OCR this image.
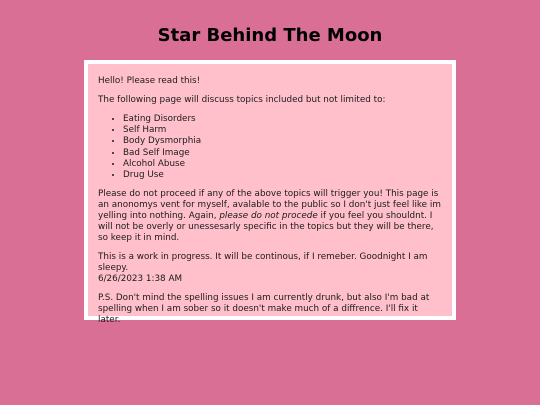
Star Behind The Moon

Hello! Please read this!

The following page will discuss topics included but not limited to:

• Eating Disorders
• Self Harm
• Body Dysmorphia
• Bad Self Image
• Alcohol Abuse
• Drug Use

Please do not proceed if any of the above topics will trigger you! This page is an anonomys vent for myself, avalable to the public so I don't just feel like im yelling into nothing. Again, please do not procede if you feel you shouldnt. I will not be overly or unessesarly specific in the topics but they will be there, so keep it in mind.

This is a work in progress. It will be continous, if I remeber. Goodnight I am sleepy.
6/26/2023 1:38 AM

P.S. Don't mind the spelling issues I am currently drunk, but also I'm bad at spelling when I am sober so it doesn't make much of a diffrence. I'll fix it later.
